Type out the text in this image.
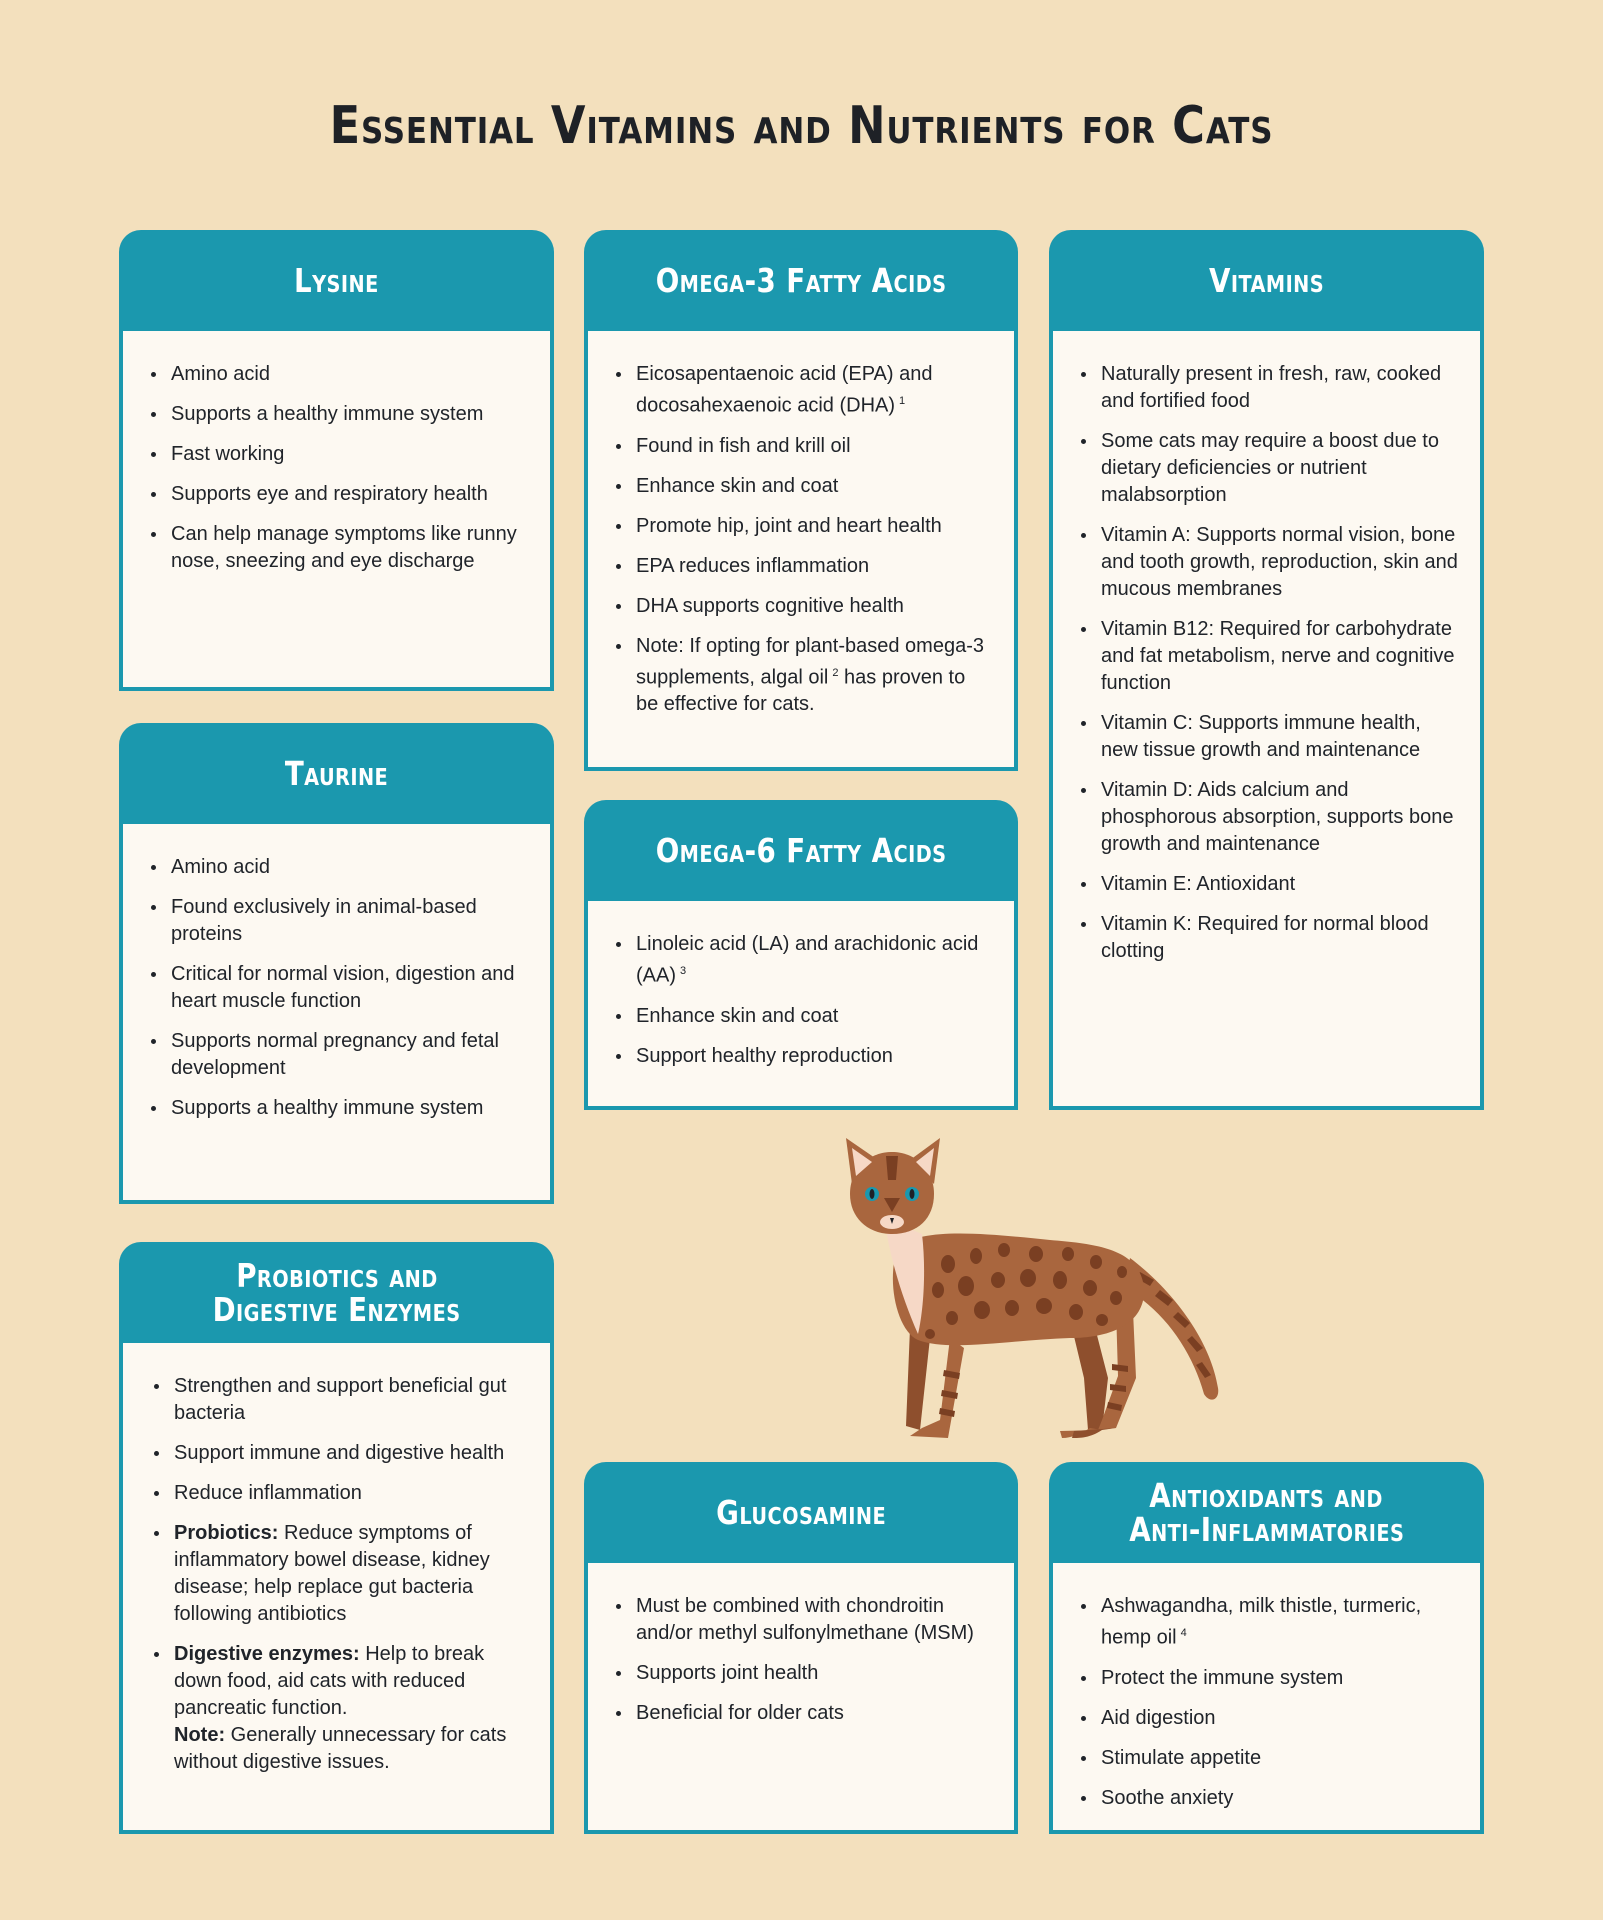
Essential Vitamins and Nutrients for Cats
Lysine
Amino acid
Supports a healthy immune system
Fast working
Supports eye and respiratory health
Can help manage symptoms like runny nose, sneezing and eye discharge
Omega-3 Fatty Acids
Eicosapentaenoic acid (EPA) and docosahexaenoic acid (DHA) $^1$
Found in fish and krill oil
Enhance skin and coat
Promote hip, joint and heart health
EPA reduces inflammation
DHA supports cognitive health
Note: If opting for plant-based omega-3 supplements, algal oil $^2$ has proven to be effective for cats.
Vitamins
Naturally present in fresh, raw, cooked and fortified food
Some cats may require a boost due to dietary deficiencies or nutrient malabsorption
Vitamin A: Supports normal vision, bone and tooth growth, reproduction, skin and mucous membranes
Vitamin B12: Required for carbohydrate and fat metabolism, nerve and cognitive function
Vitamin C: Supports immune health, new tissue growth and maintenance
Vitamin D: Aids calcium and phosphorous absorption, supports bone growth and maintenance
Vitamin E: Antioxidant
Vitamin K: Required for normal blood clotting
Taurine
Amino acid
Found exclusively in animal-based proteins
Critical for normal vision, digestion and heart muscle function
Supports normal pregnancy and fetal development
Supports a healthy immune system
Omega-6 Fatty Acids
Linoleic acid (LA) and arachidonic acid (AA) $^3$
Enhance skin and coat
Support healthy reproduction
Probiotics and
Digestive Enzymes
Strengthen and support beneficial gut bacteria
Support immune and digestive health
Reduce inflammation
Probiotics: Reduce symptoms of inflammatory bowel disease, kidney disease; help replace gut bacteria following antibiotics
Digestive enzymes: Help to break down food, aid cats with reduced pancreatic function.
Note: Generally unnecessary for cats without digestive issues.
Glucosamine
Must be combined with chondroitin and/or methyl sulfonylmethane (MSM)
Supports joint health
Beneficial for older cats
Antioxidants and
Anti-Inflammatories
Ashwagandha, milk thistle, turmeric, hemp oil $^4$
Protect the immune system
Aid digestion
Stimulate appetite
Soothe anxiety
